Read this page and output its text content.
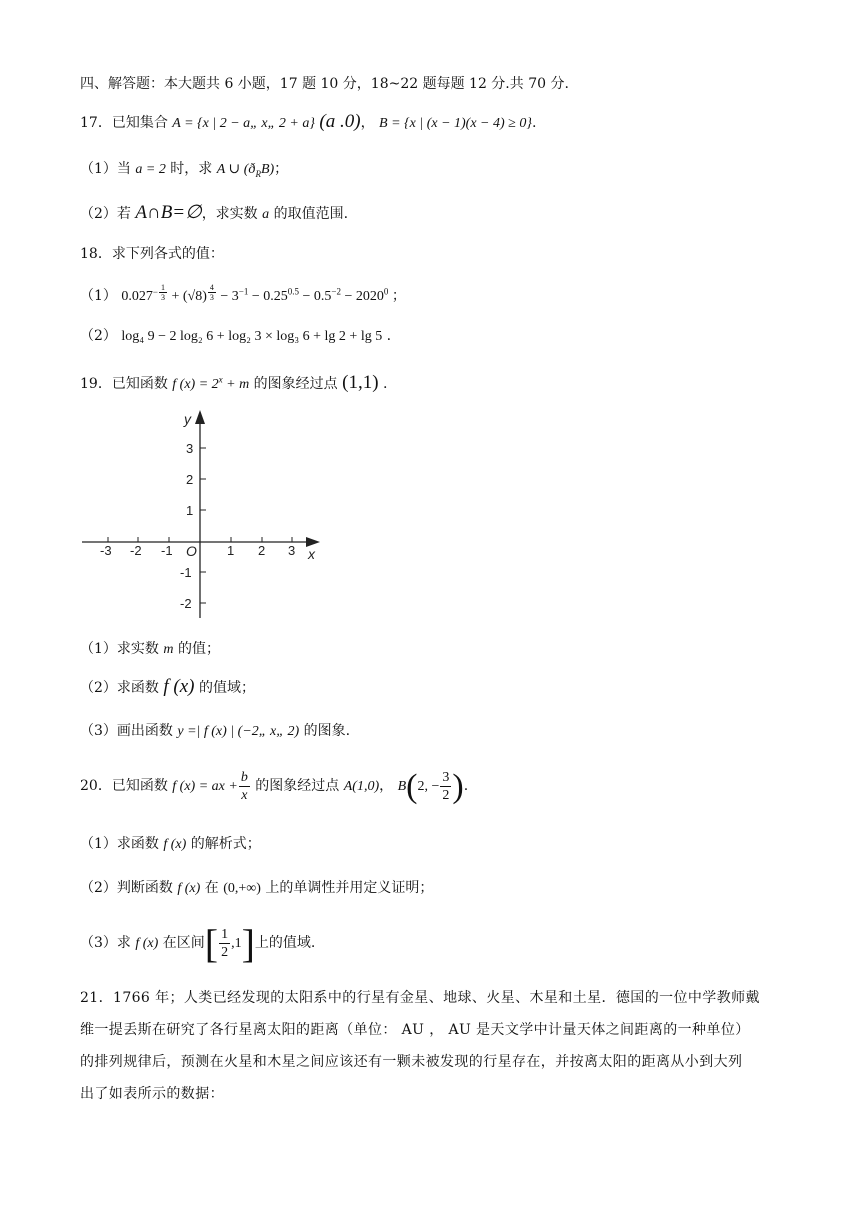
四、解答题：本大题共 6 小题，17 题 10 分，18~22 题每题 12 分.共 70 分.
17．已知集合 A = {x | 2 − a„ x„ 2 + a} (a .0)， B = {x | (x − 1)(x − 4) ≥ 0}.
（1）当 a = 2 时，求 A ∪ $(ð_RB)$；
（2）若 A∩B=∅，求实数 a 的取值范围.
18．求下列各式的值：
（1） $0.027^{- \frac{1}{3}} + (√8) ^{\frac{4}{3}} - 3^{-1} - 0.25^{0.5} - 0.5^{-2} - 2020^0$ ；
（2） log₄ 9 − 2 log₂ 6 + log₂ 3 × log₃ 6 + lg 2 + lg 5 .
19．已知函数 f $(x) = 2^x + m$ 的图象经过点 (1,1) .
-3 -2 -1 O 1 2 3 x
3
2
1
-1
-2
y
（1）求实数 m 的值；
（2）求函数 f (x) 的值域；
（3）画出函数 y =| f (x) | (−2„ x„ 2) 的图象.
20．已知函数 f (x) = ax + $\frac{b}{x}$ 的图象经过点 A(1,0)， B(2, − $\frac{3}{2}$ ).
（1）求函数 f (x) 的解析式；
（2）判断函数 f (x) 在 (0,+∞) 上的单调性并用定义证明；
（3）求 f (x) 在区间[ $\frac{1}{2} ,1$]上的值域.
21．1766 年；人类已经发现的太阳系中的行星有金星、地球、火星、木星和土星．德国的一位中学教师戴
维一提丢斯在研究了各行星离太阳的距离（单位： AU ， AU 是天文学中计量天体之间距离的一种单位）
的排列规律后，预测在火星和木星之间应该还有一颗未被发现的行星存在，并按离太阳的距离从小到大列
出了如表所示的数据：
